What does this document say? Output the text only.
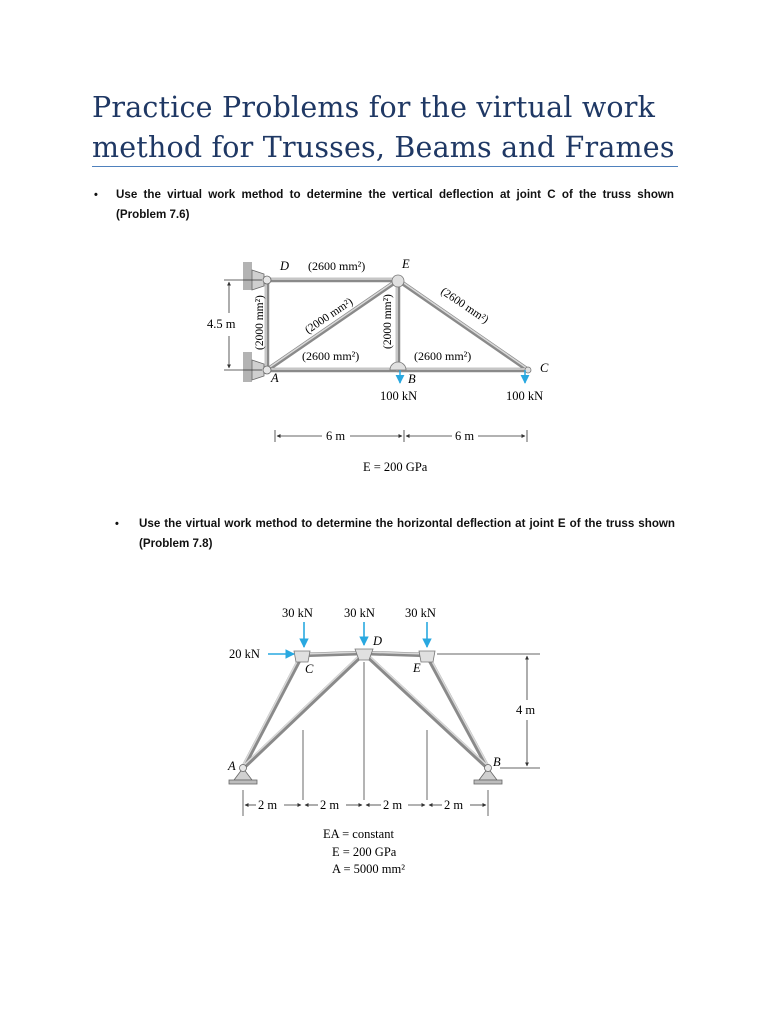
Practice Problems for the virtual work method for Trusses, Beams and Frames
• Use the virtual work method to determine the vertical deflection at joint C of the truss shown (Problem 7.6)
• Use the virtual work method to determine the horizontal deflection at joint E of the truss shown (Problem 7.8)
D (2600 mm²)	E
(2000 mm²) (2000 mm²)
(2000 mm²)	(2600 mm²)
(2600 mm²)	(2600 mm²)
4.5 m
A	B
C
100 kN	100 kN
6 m	6 m
E = 200 GPa
30 kN 30 kN 30 kN
20 kN
C
D
E
A	B
4 m
2 m	2 m	2 m	2 m
EA = constant
E = 200 GPa
A = 5000 mm²
